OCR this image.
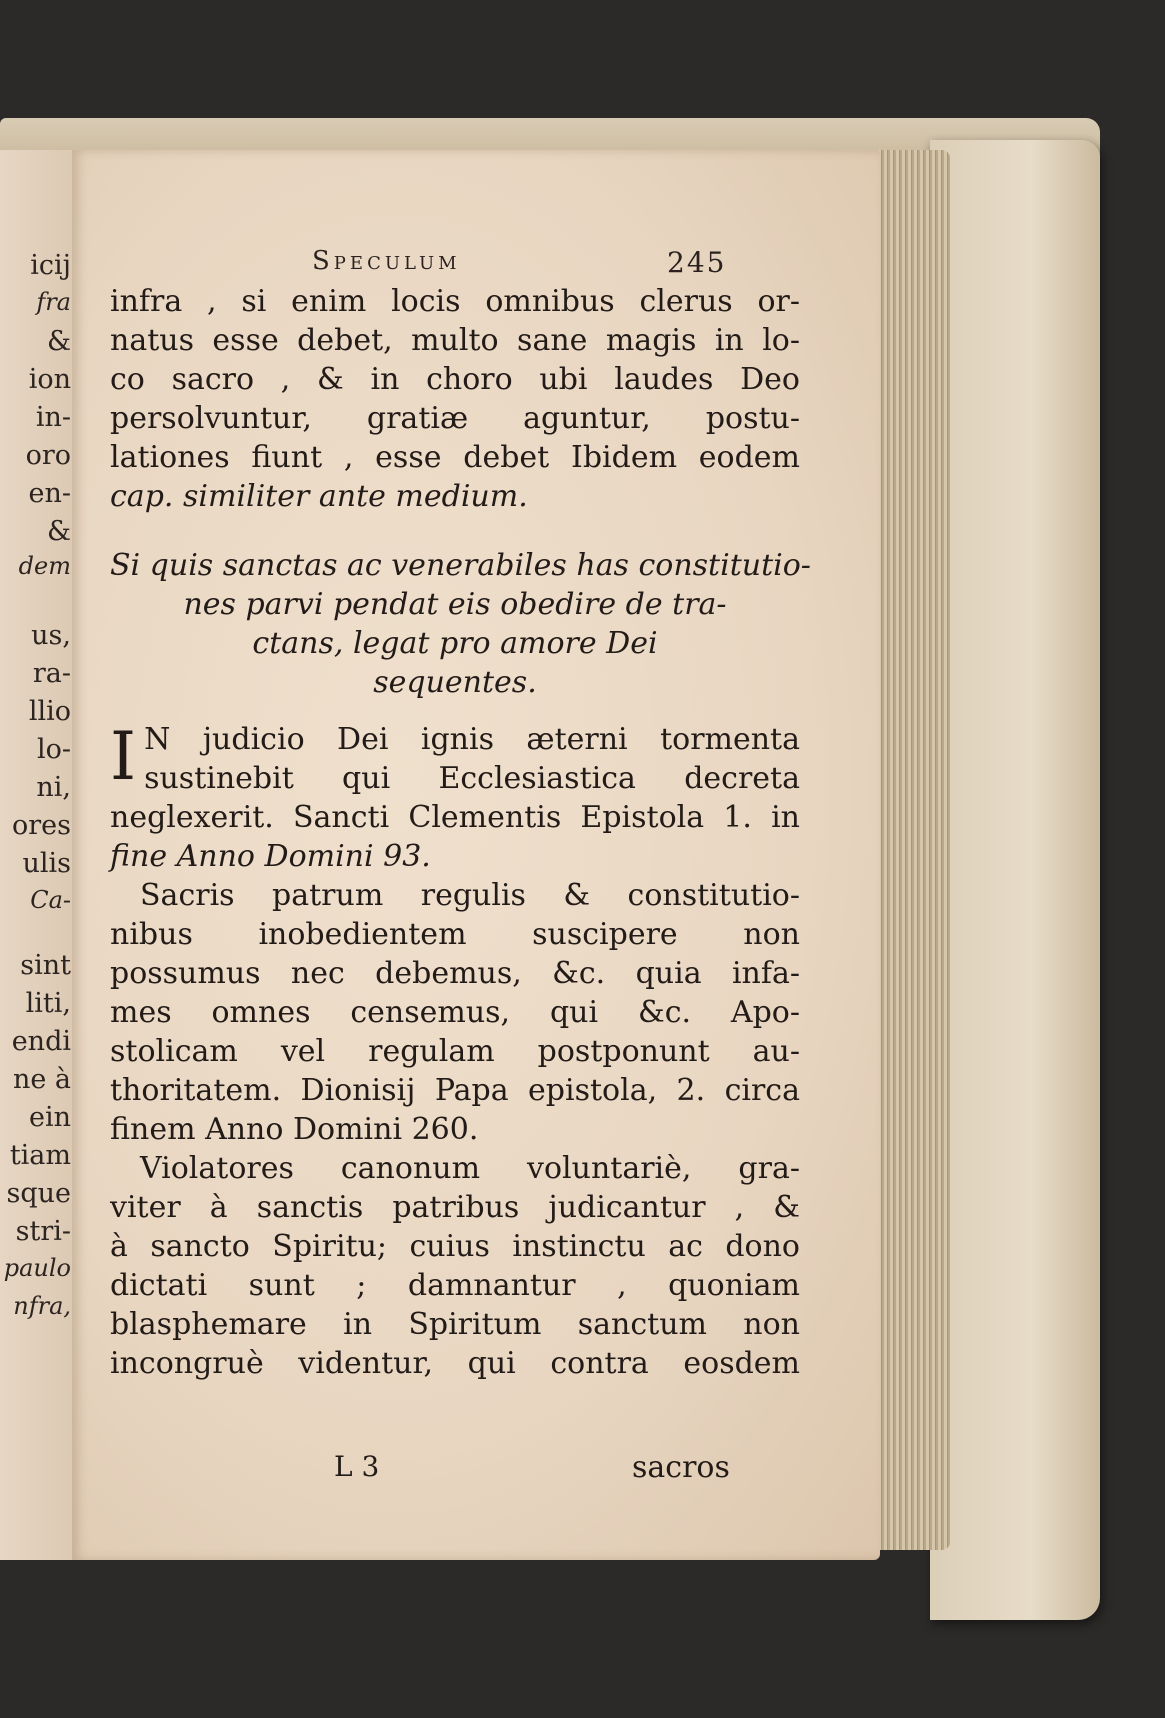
icij

fra

&

ion

in-

oro

en-

&

dem

us,

ra-

llio

lo-

ni,

ores

ulis

Ca-

sint

liti,

endi

ne à

ein

tiam

sque

stri-

paulo

nfra,

Speculum	245

infra , si enim locis omnibus clerus or-

natus esse debet, multo sane magis in lo-

co sacro , & in choro ubi laudes Deo

persolvuntur, gratiæ aguntur, postu-

lationes fiunt , esse debet Ibidem eodem

cap. similiter ante medium.

Si quis sanctas ac venerabiles has constitutio-

nes parvi pendat eis obedire de tra-

ctans, legat pro amore Dei

sequentes.

I N judicio Dei ignis æterni tormenta

sustinebit qui Ecclesiastica decreta

neglexerit. Sancti Clementis Epistola 1. in

fine Anno Domini 93.

Sacris patrum regulis & constitutio-

nibus inobedientem suscipere non

possumus nec debemus, &c. quia infa-

mes omnes censemus, qui &c. Apo-

stolicam vel regulam postponunt au-

thoritatem. Dionisij Papa epistola, 2. circa

finem Anno Domini 260.

Violatores canonum voluntariè, gra-

viter à sanctis patribus judicantur , &

à sancto Spiritu; cuius instinctu ac dono

dictati sunt ; damnantur , quoniam

blasphemare in Spiritum sanctum non

incongruè videntur, qui contra eosdem

L 3	sacros
